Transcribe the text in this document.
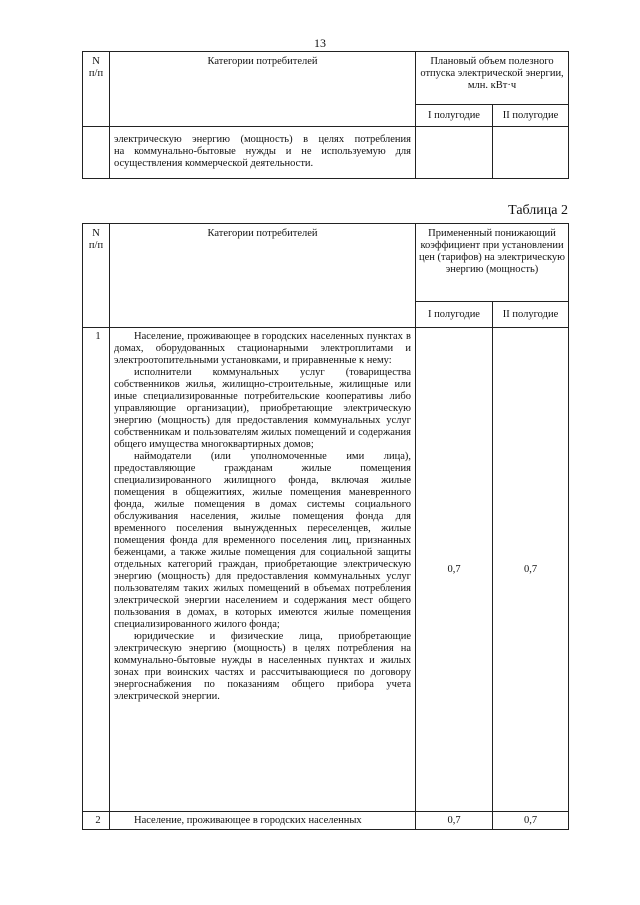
13
N
п/п	Категории потребителей	Плановый объем полезного отпуска электрической энергии, млн. кВт·ч	
		I полугодие	II полугодие

	электрическую энергию (мощность) в целях потребления
на коммунально-бытовые нужды и не используемую для
осуществления коммерческой деятельности.		

Таблица 2
N
п/п	Категории потребителей	Примененный понижающий коэффициент при установлении цен (тарифов) на электрическую энергию (мощность)	
		I полугодие	II полугодие
1	Население, проживающее в городских населенных пунктах в домах, оборудованных стационарными электроплитами и электроотопительными установками, и приравненные к нему:

исполнители коммунальных услуг (товарищества собственников жилья, жилищно-строительные, жилищные или иные специализированные потребительские кооперативы либо управляющие организации), приобретающие электрическую энергию (мощность) для предоставления коммунальных услуг собственникам и пользователям жилых помещений и содержания общего имущества многоквартирных домов;

наймодатели (или уполномоченные ими лица), предоставляющие гражданам жилые помещения специализированного жилищного фонда, включая жилые помещения в общежитиях, жилые помещения маневренного фонда, жилые помещения в домах системы социального обслуживания населения, жилые помещения фонда для временного поселения вынужденных переселенцев, жилые помещения фонда для временного поселения лиц, признанных беженцами, а также жилые помещения для социальной защиты отдельных категорий граждан, приобретающие электрическую энергию (мощность) для предоставления коммунальных услуг пользователям таких жилых помещений в объемах потребления электрической энергии населением и содержания мест общего пользования в домах, в которых имеются жилые помещения специализированного жилого фонда;

юридические и физические лица, приобретающие электрическую энергию (мощность) в целях потребления на коммунально-бытовые нужды в населенных пунктах и жилых зонах при воинских частях и рассчитывающиеся по договору энергоснабжения по показаниям общего прибора учета электрической энергии.	0,7	0,7
2	Население, проживающее в городских населенных	0,7	0,7
